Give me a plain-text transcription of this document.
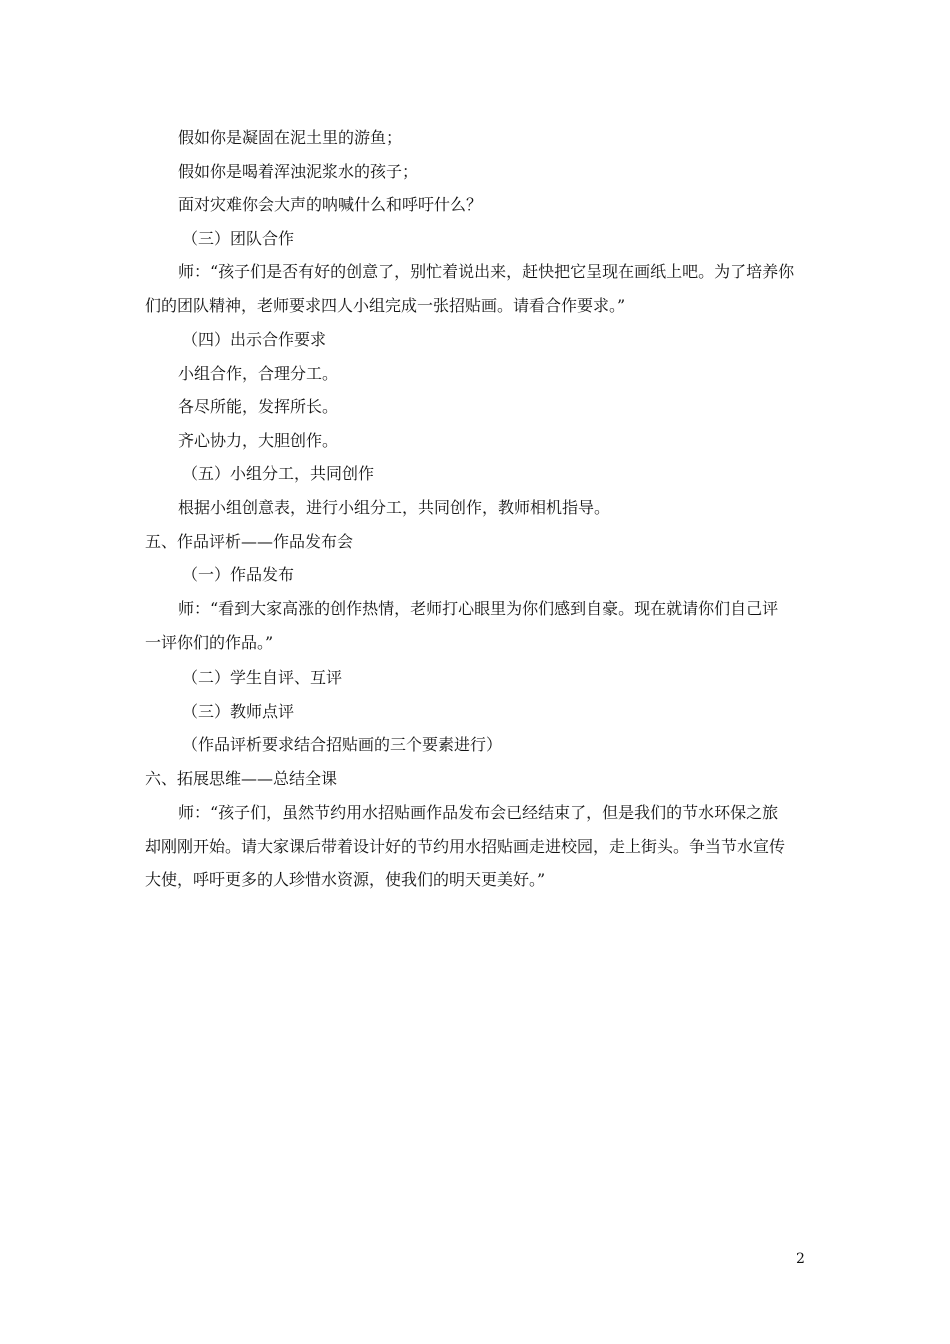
假如你是凝固在泥土里的游鱼；
假如你是喝着浑浊泥浆水的孩子；
面对灾难你会大声的呐喊什么和呼吁什么？
（三）团队合作
师：“孩子们是否有好的创意了，别忙着说出来，赶快把它呈现在画纸上吧。为了培养你
们的团队精神，老师要求四人小组完成一张招贴画。请看合作要求。”
（四）出示合作要求
小组合作，合理分工。
各尽所能，发挥所长。
齐心协力，大胆创作。
（五）小组分工，共同创作
根据小组创意表，进行小组分工，共同创作，教师相机指导。
五、作品评析——作品发布会
（一）作品发布
师：“看到大家高涨的创作热情，老师打心眼里为你们感到自豪。现在就请你们自己评
一评你们的作品。”
（二）学生自评、互评
（三）教师点评
（作品评析要求结合招贴画的三个要素进行）
六、拓展思维——总结全课
师：“孩子们，虽然节约用水招贴画作品发布会已经结束了，但是我们的节水环保之旅
却刚刚开始。请大家课后带着设计好的节约用水招贴画走进校园，走上街头。争当节水宣传
大使，呼吁更多的人珍惜水资源，使我们的明天更美好。”
2
